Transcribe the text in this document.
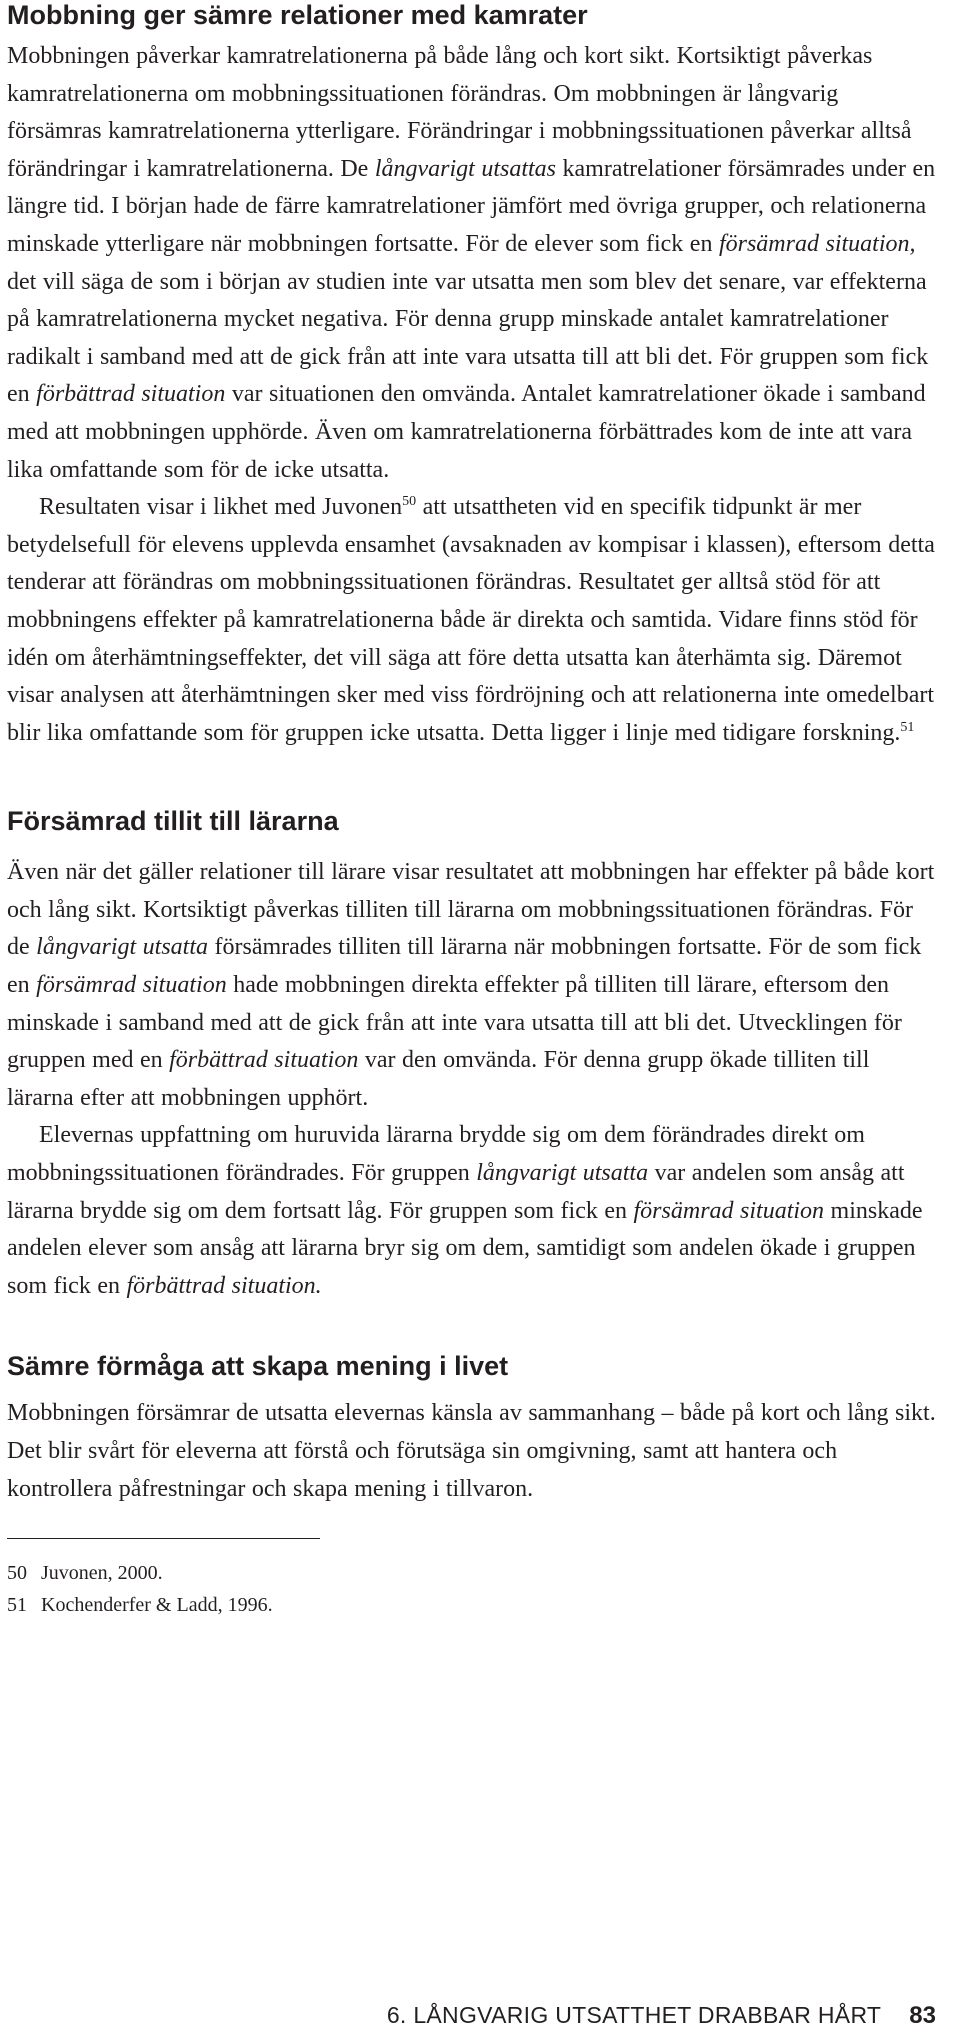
Mobbning ger sämre relationer med kamrater

Mobbningen påverkar kamratrelationerna på både lång och kort sikt. Kortsiktigt påverkas kamratrelationerna om mobbningssituationen förändras. Om mobbningen är långvarig försämras kamratrelationerna ytterligare. Förändringar i mobbningssituationen påverkar alltså förändringar i kamratrelationerna. De långvarigt utsattas kamratrelationer försämrades under en längre tid. I början hade de färre kamratrelationer jämfört med övriga grupper, och relationerna minskade ytterligare när mobbningen fortsatte. För de elever som fick en försämrad situation, det vill säga de som i början av studien inte var utsatta men som blev det senare, var effekterna på kamratrelationerna mycket negativa. För denna grupp minskade antalet kamratrelationer radikalt i samband med att de gick från att inte vara utsatta till att bli det. För gruppen som fick en förbättrad situation var situationen den omvända. Antalet kamratrelationer ökade i samband med att mobbningen upphörde. Även om kamratrelationerna förbättrades kom de inte att vara lika omfattande som för de icke utsatta.

Resultaten visar i likhet med Juvonen$^{50}$ att utsattheten vid en specifik tidpunkt är mer betydelsefull för elevens upplevda ensamhet (avsaknaden av kompisar i klassen), eftersom detta tenderar att förändras om mobbningssituationen förändras. Resultatet ger alltså stöd för att mobbningens effekter på kamratrelationerna både är direkta och samtida. Vidare finns stöd för idén om återhämtningseffekter, det vill säga att före detta utsatta kan återhämta sig. Däremot visar analysen att återhämtningen sker med viss fördröjning och att relationerna inte omedelbart blir lika omfattande som för gruppen icke utsatta. Detta ligger i linje med tidigare forskning.$^{51}$

Försämrad tillit till lärarna

Även när det gäller relationer till lärare visar resultatet att mobbningen har effekter på både kort och lång sikt. Kortsiktigt påverkas tilliten till lärarna om mobbningssituationen förändras. För de långvarigt utsatta försämrades tilliten till lärarna när mobbningen fortsatte. För de som fick en försämrad situation hade mobbningen direkta effekter på tilliten till lärare, eftersom den minskade i samband med att de gick från att inte vara utsatta till att bli det. Utvecklingen för gruppen med en förbättrad situation var den omvända. För denna grupp ökade tilliten till lärarna efter att mobbningen upphört.

Elevernas uppfattning om huruvida lärarna brydde sig om dem förändrades direkt om mobbningssituationen förändrades. För gruppen långvarigt utsatta var andelen som ansåg att lärarna brydde sig om dem fortsatt låg. För gruppen som fick en försämrad situation minskade andelen elever som ansåg att lärarna bryr sig om dem, samtidigt som andelen ökade i gruppen som fick en förbättrad situation.

Sämre förmåga att skapa mening i livet

Mobbningen försämrar de utsatta elevernas känsla av sammanhang – både på kort och lång sikt. Det blir svårt för eleverna att förstå och förutsäga sin omgivning, samt att hantera och kontrollera påfrestningar och skapa mening i tillvaron.

50 Juvonen, 2000.
51 Kochenderfer & Ladd, 1996.
6. LÅNGVARIG UTSATTHET DRABBAR HÅRT 83
